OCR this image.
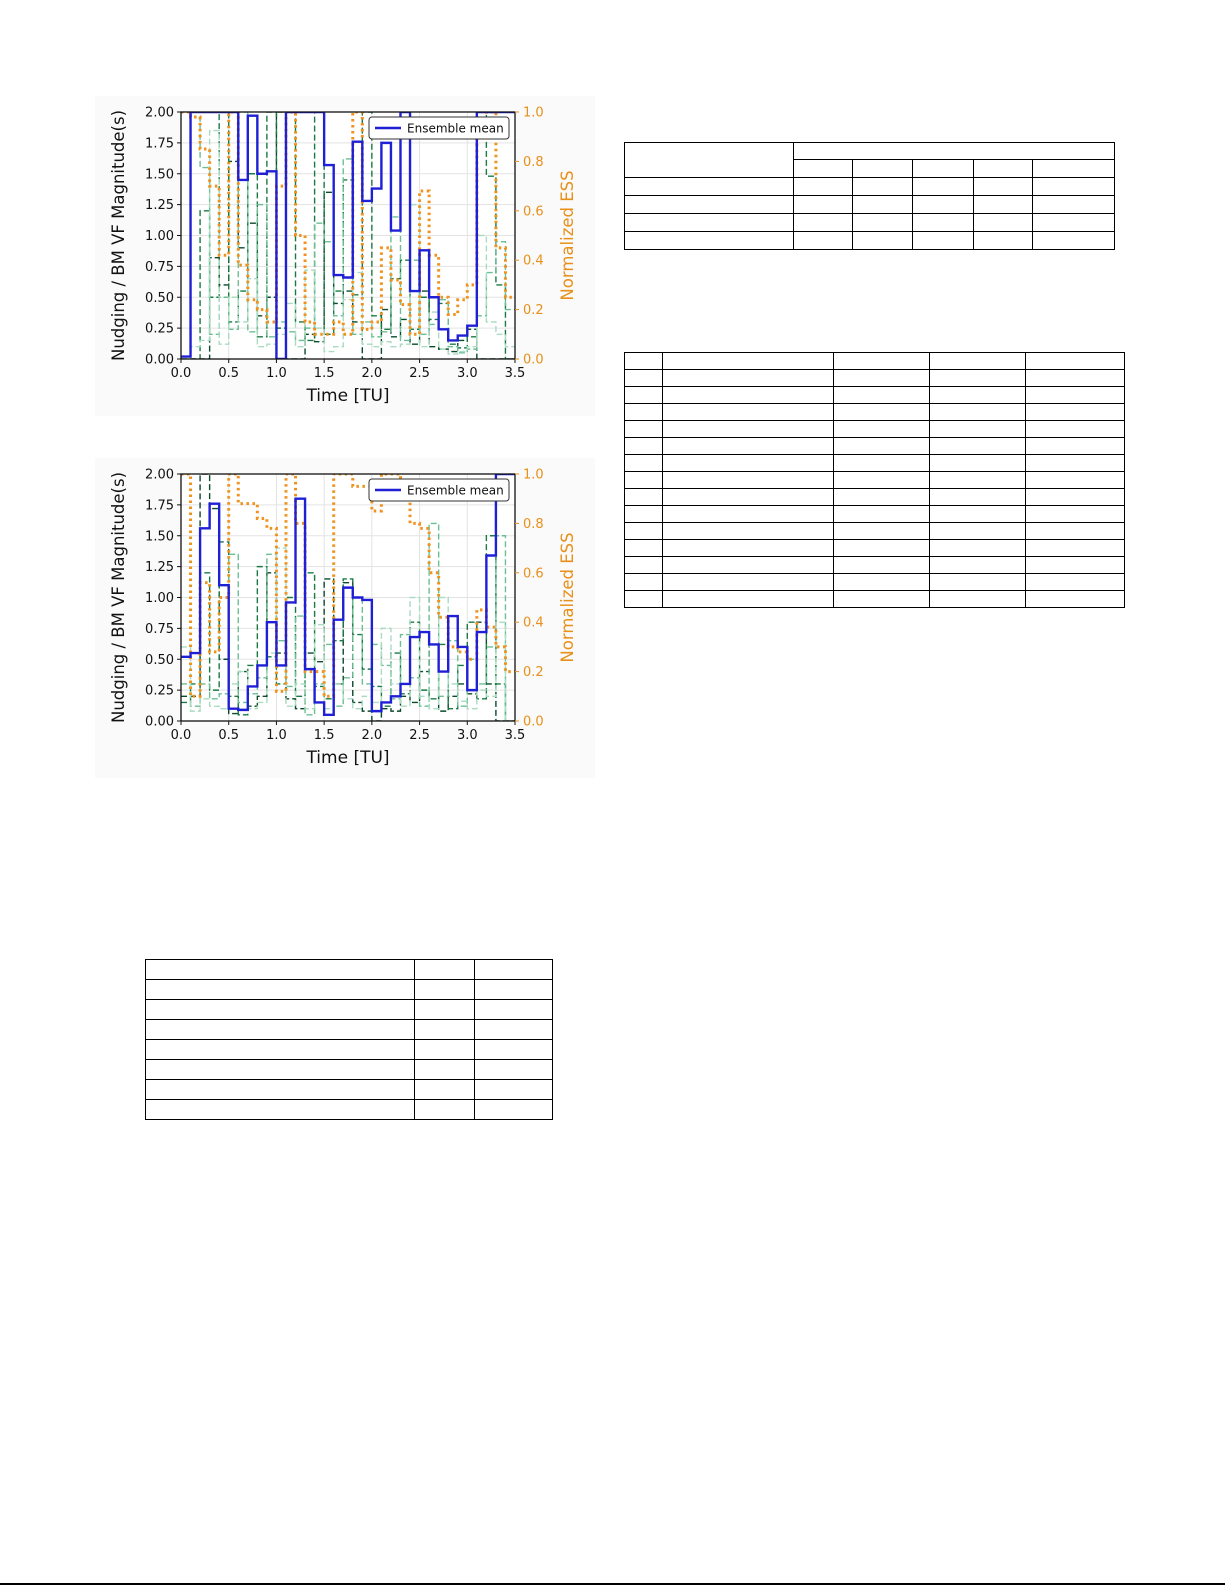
0.0 0.5 1.0 1.5 2.0 2.5 3.0 3.5
0.00
0.25
0.50
0.75
1.00
1.25
1.50
1.75
2.00
0.0
0.2
0.4
0.6
0.8
1.0
Time [TU]
Nudging / BM VF Magnitude(s)	Normalized ESS
Ensemble mean
0.0 0.5 1.0 1.5 2.0 2.5 3.0 3.5
0.00
0.25
0.50
0.75
1.00
1.25
1.50
1.75
2.00
0.0
0.2
0.4
0.6
0.8
1.0
Time [TU]
Nudging / BM VF Magnitude(s)	Normalized ESS
Ensemble mean
